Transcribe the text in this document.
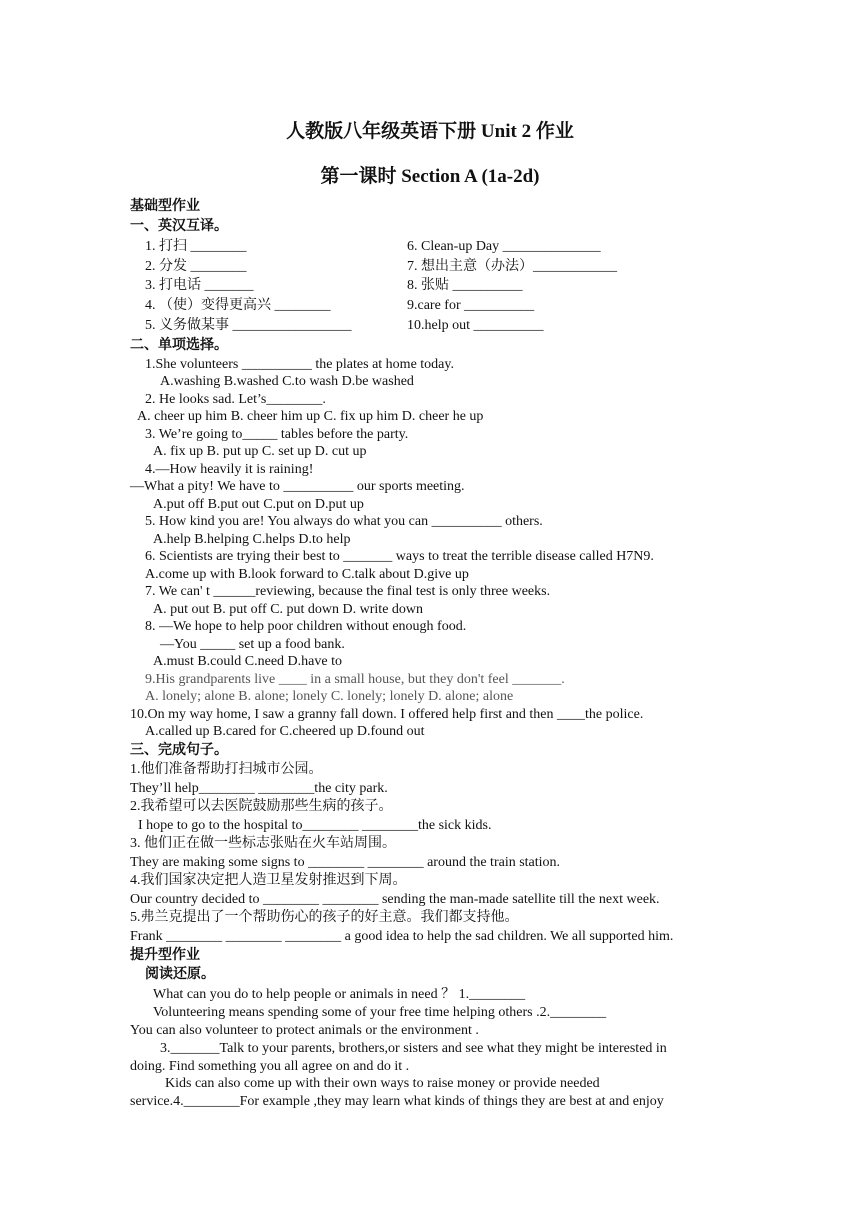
人教版八年级英语下册 Unit 2 作业
第一课时 Section A (1a-2d)
基础型作业
一、英汉互译。
1. 打扫 ________
2. 分发 ________
3. 打电话 _______
4. （使）变得更高兴 ________
5. 义务做某事 _________________
6. Clean-up Day ______________
7. 想出主意（办法）____________
8. 张贴 __________
9.care for __________
10.help out __________
二、单项选择。
1.She volunteers __________ the plates at home today.
A.washing B.washed C.to wash D.be washed
2. He looks sad. Let’s________.
A. cheer up him B. cheer him up C. fix up him D. cheer he up
3. We’re going to_____ tables before the party.
A. fix up B. put up C. set up D. cut up
4.—How heavily it is raining!
—What a pity! We have to __________ our sports meeting.
A.put off B.put out C.put on D.put up
5. How kind you are! You always do what you can __________ others.
A.help B.helping C.helps D.to help
6. Scientists are trying their best to _______ ways to treat the terrible disease called H7N9.
A.come up with B.look forward to C.talk about D.give up
7. We can' t ______reviewing, because the final test is only three weeks.
A. put out B. put off C. put down D. write down
8. —We hope to help poor children without enough food.
—You _____ set up a food bank.
A.must B.could C.need D.have to
9.His grandparents live ____ in a small house, but they don't feel _______.
A. lonely; alone B. alone; lonely C. lonely; lonely D. alone; alone
10.On my way home, I saw a granny fall down. I offered help first and then ____the police.
A.called up B.cared for C.cheered up D.found out
三、完成句子。
1.他们准备帮助打扫城市公园。
They’ll help________ ________the city park.
2.我希望可以去医院鼓励那些生病的孩子。
I hope to go to the hospital to________ ________the sick kids.
3. 他们正在做一些标志张贴在火车站周围。
They are making some signs to ________ ________ around the train station.
4.我们国家决定把人造卫星发射推迟到下周。
Our country decided to ________ ________ sending the man-made satellite till the next week.
5.弗兰克提出了一个帮助伤心的孩子的好主意。我们都支持他。
Frank ________ ________ ________ a good idea to help the sad children. We all supported him.
提升型作业
阅读还原。
What can you do to help people or animals in need ？ 1.________
Volunteering means spending some of your free time helping others .2.________
You can also volunteer to protect animals or the environment .
3._______Talk to your parents, brothers,or sisters and see what they might be interested in
doing. Find something you all agree on and do it .
Kids can also come up with their own ways to raise money or provide needed
service.4.________For example ,they may learn what kinds of things they are best at and enjoy
